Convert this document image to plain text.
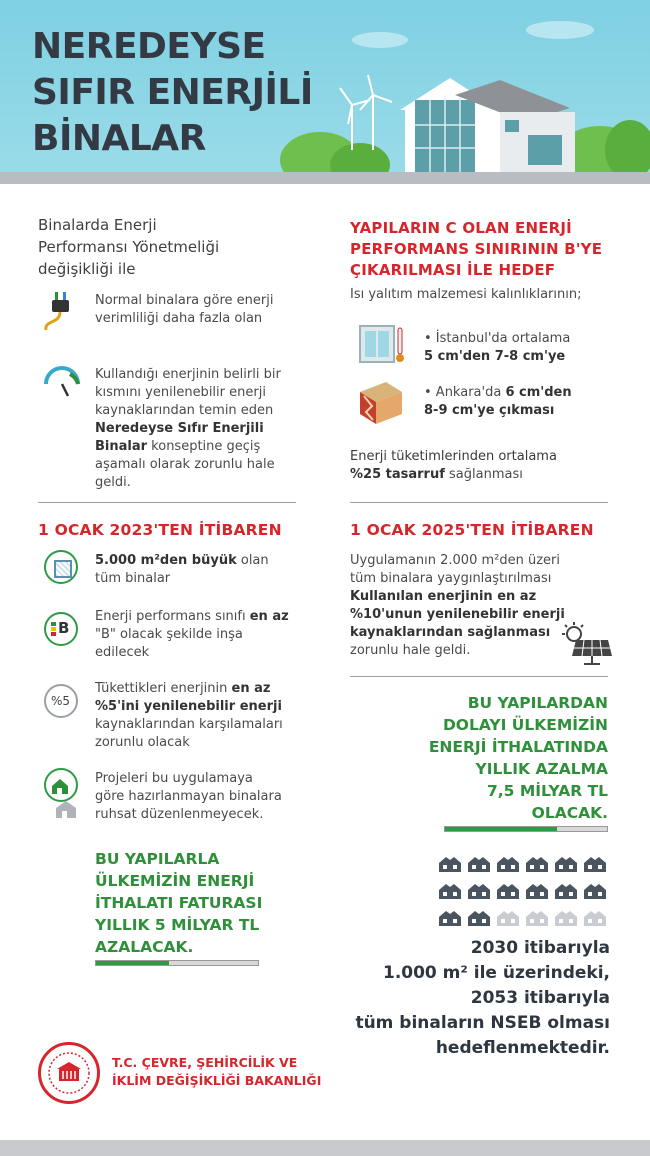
NEREDEYSE
SIFIR ENERJİLİ
BİNALAR
Binalarda Enerji
Performansı Yönetmeliği
değişikliği ile
Normal binalara göre enerji
verimliliği daha fazla olan
Kullandığı enerjinin belirli bir
kısmını yenilenebilir enerji
kaynaklarından temin eden
Neredeyse Sıfır Enerjili
Binalar konseptine geçiş
aşamalı olarak zorunlu hale
geldi.
YAPILARIN C OLAN ENERJİ
PERFORMANS SINIRININ B'YE
ÇIKARILMASI İLE HEDEF
Isı yalıtım malzemesi kalınlıklarının;
• İstanbul'da ortalama
5 cm'den 7-8 cm'ye
• Ankara'da 6 cm'den
8-9 cm'ye çıkması
Enerji tüketimlerinden ortalama
%25 tasarruf sağlanması
1 OCAK 2023'TEN İTİBAREN
5.000 m²den büyük olan
tüm binalar
B
Enerji performans sınıfı en az
"B" olacak şekilde inşa
edilecek
%5
Tükettikleri enerjinin en az
%5'ini yenilenebilir enerji
kaynaklarından karşılamaları
zorunlu olacak
Projeleri bu uygulamaya
göre hazırlanmayan binalara
ruhsat düzenlenmeyecek.
BU YAPILARLA
ÜLKEMİZİN ENERJİ
İTHALATI FATURASI
YILLIK 5 MİLYAR TL
AZALACAK.
1 OCAK 2025'TEN İTİBAREN
Uygulamanın 2.000 m²den üzeri
tüm binalara yaygınlaştırılması
Kullanılan enerjinin en az
%10'unun yenilenebilir enerji
kaynaklarından sağlanması
zorunlu hale geldi.
BU YAPILARDAN
DOLAYI ÜLKEMİZİN
ENERJİ İTHALATINDA
YILLIK AZALMA
7,5 MİLYAR TL
OLACAK.
2030 itibarıyla
1.000 m² ile üzerindeki,
2053 itibarıyla
tüm binaların NSEB olması
hedeflenmektedir.
T.C. ÇEVRE, ŞEHİRCİLİK VE
İKLİM DEĞİŞİKLİĞİ BAKANLIĞI
